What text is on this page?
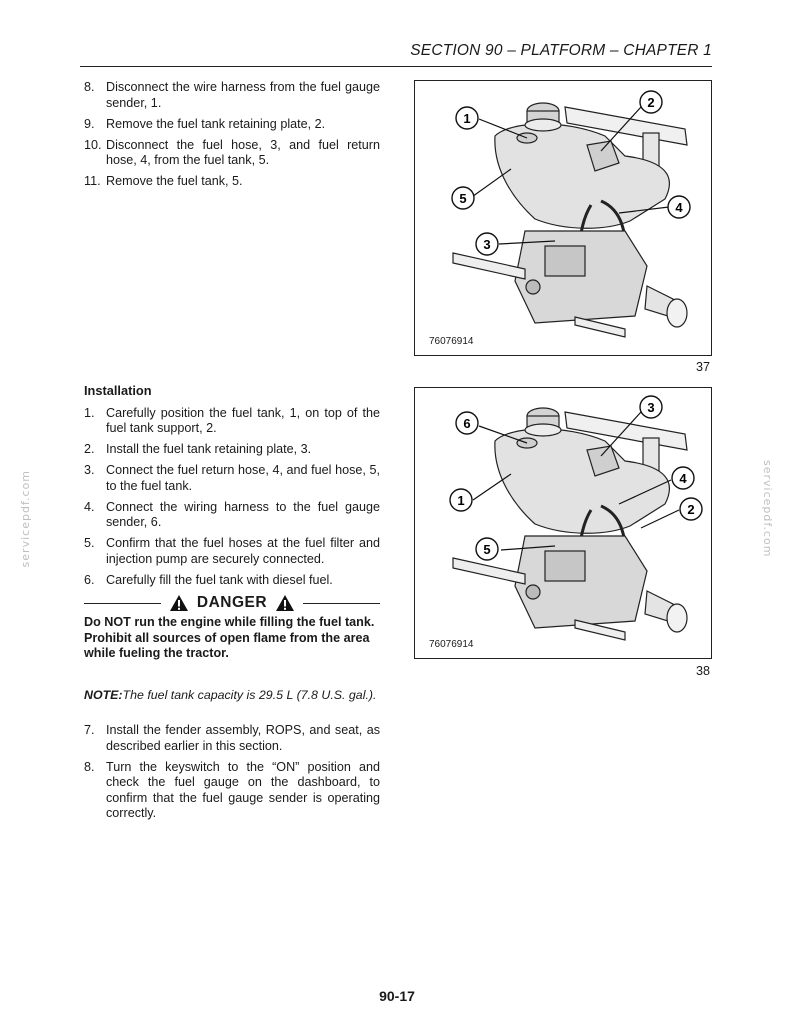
SECTION 90 – PLATFORM – CHAPTER 1
8. Disconnect the wire harness from the fuel gauge sender, 1.
9. Remove the fuel tank retaining plate, 2.
10. Disconnect the fuel hose, 3, and fuel return hose, 4, from the fuel tank, 5.
11. Remove the fuel tank, 5.
Installation
1. Carefully position the fuel tank, 1, on top of the fuel tank support, 2.
2. Install the fuel tank retaining plate, 3.
3. Connect the fuel return hose, 4, and fuel hose, 5, to the fuel tank.
4. Connect the wiring harness to the fuel gauge sender, 6.
5. Confirm that the fuel hoses at the fuel filter and injection pump are securely connected.
6. Carefully fill the fuel tank with diesel fuel.
DANGER
Do NOT run the engine while filling the fuel tank. Prohibit all sources of open flame from the area while fueling the tractor.
NOTE:The fuel tank capacity is 29.5 L (7.8 U.S. gal.).
7. Install the fender assembly, ROPS, and seat, as described earlier in this section.
8. Turn the keyswitch to the “ON” position and check the fuel gauge on the dashboard, to confirm that the fuel gauge sender is operating correctly.
1
2
5
4
3
76076914
37
6
3
4
1
2
5
76076914
38
servicepdf.com	servicepdf.com
90-17
